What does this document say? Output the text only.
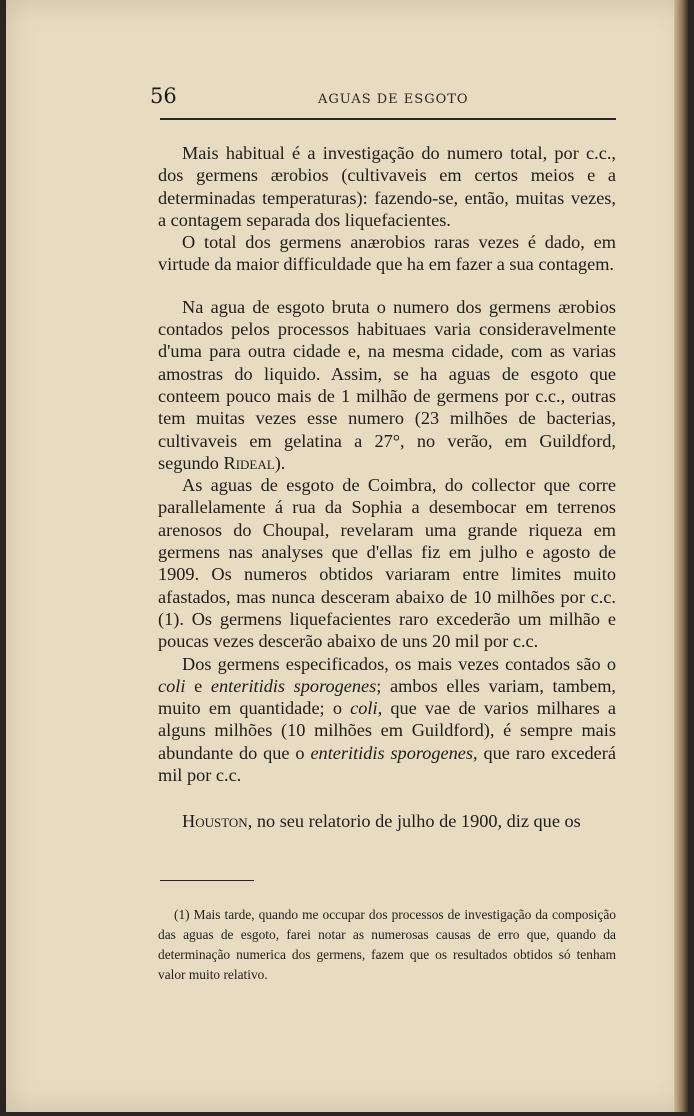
56	AGUAS DE ESGOTO

Mais habitual é a investigação do numero total, por c.c., dos germens ærobios (cultivaveis em certos meios e a determinadas temperaturas): fazendo-se, então, muitas vezes, a contagem separada dos liquefacientes.

O total dos germens anærobios raras vezes é dado, em virtude da maior difficuldade que ha em fazer a sua contagem.

Na agua de esgoto bruta o numero dos germens ærobios contados pelos processos habituaes varia consideravelmente d'uma para outra cidade e, na mesma cidade, com as varias amostras do liquido. Assim, se ha aguas de esgoto que conteem pouco mais de 1 milhão de germens por c.c., outras tem muitas vezes esse numero (23 milhões de bacterias, cultivaveis em gelatina a 27°, no verão, em Guildford, segundo Rideal).

As aguas de esgoto de Coimbra, do collector que corre parallelamente á rua da Sophia a desembocar em terrenos arenosos do Choupal, revelaram uma grande riqueza em germens nas analyses que d'ellas fiz em julho e agosto de 1909. Os numeros obtidos variaram entre limites muito afastados, mas nunca desceram abaixo de 10 milhões por c.c. (1). Os germens liquefacientes raro excederão um milhão e poucas vezes descerão abaixo de uns 20 mil por c.c.

Dos germens especificados, os mais vezes contados são o coli e enteritidis sporogenes; ambos elles variam, tambem, muito em quantidade; o coli, que vae de varios milhares a alguns milhões (10 milhões em Guildford), é sempre mais abundante do que o enteritidis sporogenes, que raro excederá mil por c.c.

Houston, no seu relatorio de julho de 1900, diz que os

(1) Mais tarde, quando me occupar dos processos de investigação da composição das aguas de esgoto, farei notar as numerosas causas de erro que, quando da determinação numerica dos germens, fazem que os resultados obtidos só tenham valor muito relativo.
